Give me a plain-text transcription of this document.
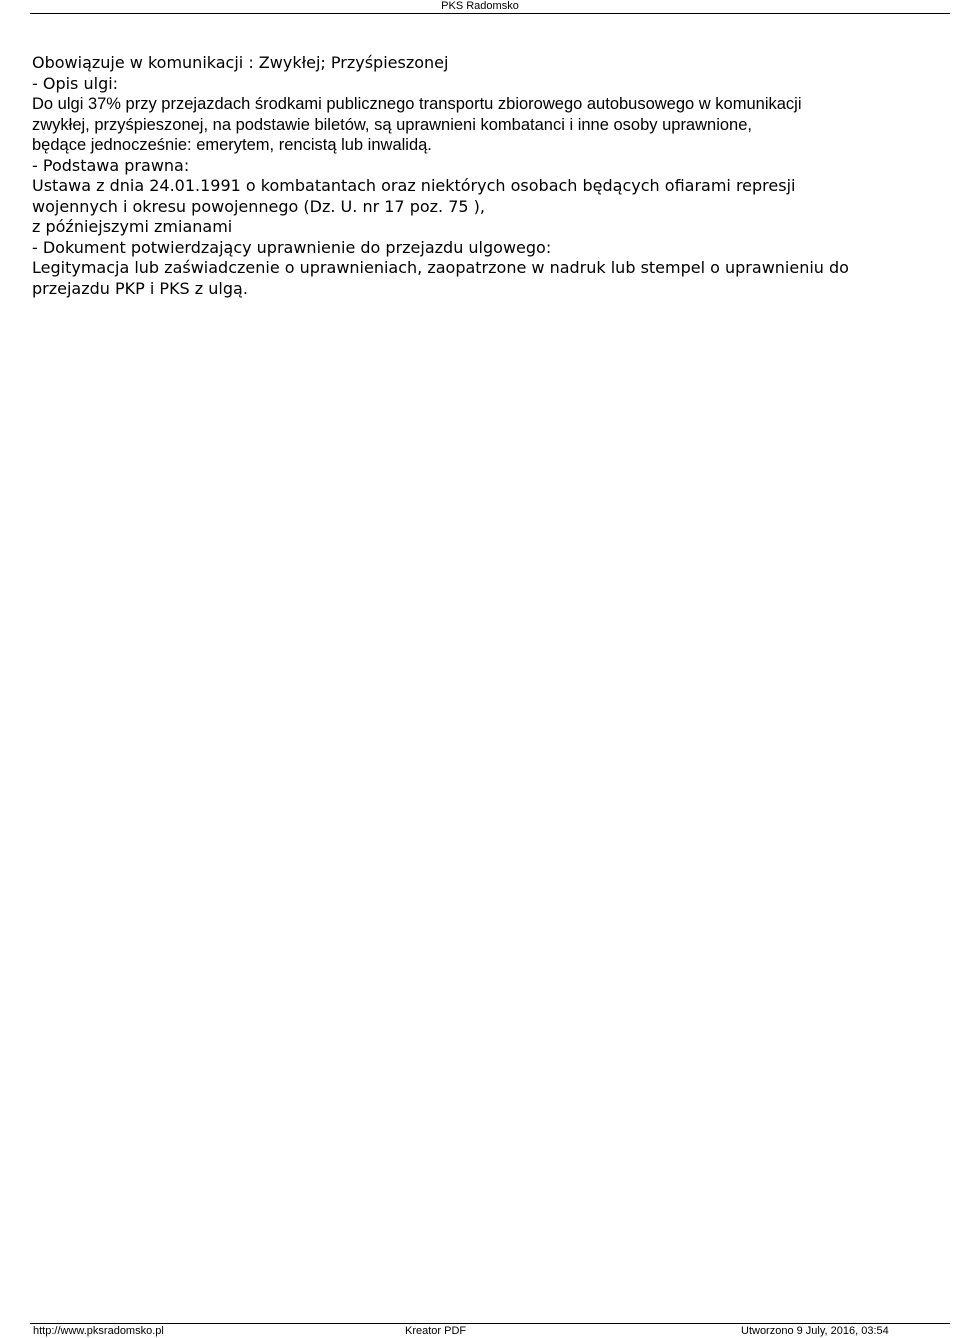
PKS Radomsko
Obowiązuje w komunikacji : Zwykłej; Przyśpieszonej
- Opis ulgi:
Do ulgi 37% przy przejazdach środkami publicznego transportu zbiorowego autobusowego w komunikacji
zwykłej, przyśpieszonej, na podstawie biletów, są uprawnieni kombatanci i inne osoby uprawnione,
będące jednocześnie: emerytem, rencistą lub inwalidą.
- Podstawa prawna:
Ustawa z dnia 24.01.1991 o kombatantach oraz niektórych osobach będących ofiarami represji
wojennych i okresu powojennego (Dz. U. nr 17 poz. 75 ),
z późniejszymi zmianami
- Dokument potwierdzający uprawnienie do przejazdu ulgowego:
Legitymacja lub zaświadczenie o uprawnieniach, zaopatrzone w nadruk lub stempel o uprawnieniu do
przejazdu PKP i PKS z ulgą.
http://www.pksradomsko.pl	Kreator PDF	Utworzono 9 July, 2016, 03:54
